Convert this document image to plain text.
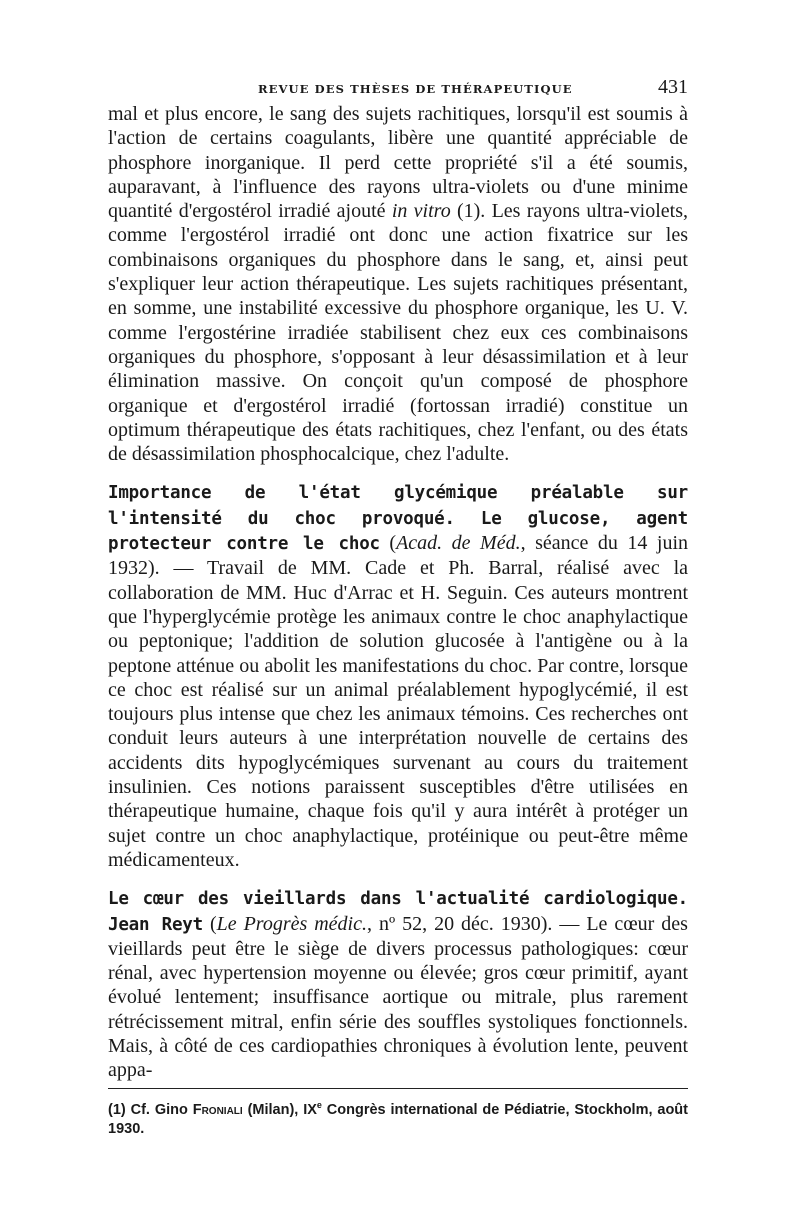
REVUE DES THÈSES DE THÉRAPEUTIQUE	431

mal et plus encore, le sang des sujets rachitiques, lorsqu'il est soumis à l'action de certains coagulants, libère une quantité appréciable de phosphore inorganique. Il perd cette propriété s'il a été soumis, auparavant, à l'influence des rayons ultra-violets ou d'une minime quantité d'ergostérol irradié ajouté in vitro (1). Les rayons ultra-violets, comme l'ergostérol irradié ont donc une action fixatrice sur les combinaisons organiques du phosphore dans le sang, et, ainsi peut s'expliquer leur action thérapeutique. Les sujets rachitiques présentant, en somme, une instabilité excessive du phosphore organique, les U. V. comme l'ergostérine irradiée stabilisent chez eux ces combinaisons organiques du phosphore, s'opposant à leur désassimilation et à leur élimination massive. On conçoit qu'un composé de phosphore organique et d'ergostérol irradié (fortossan irradié) constitue un optimum thérapeutique des états rachitiques, chez l'enfant, ou des états de désassimilation phosphocalcique, chez l'adulte.

Importance de l'état glycémique préalable sur l'intensité du choc provoqué. Le glucose, agent protecteur contre le choc (Acad. de Méd., séance du 14 juin 1932). — Travail de MM. Cade et Ph. Barral, réalisé avec la collaboration de MM. Huc d'Arrac et H. Seguin. Ces auteurs montrent que l'hyperglycémie protège les animaux contre le choc anaphylactique ou peptonique; l'addition de solution glucosée à l'antigène ou à la peptone atténue ou abolit les manifestations du choc. Par contre, lorsque ce choc est réalisé sur un animal préalablement hypoglycémié, il est toujours plus intense que chez les animaux témoins. Ces recherches ont conduit leurs auteurs à une interprétation nouvelle de certains des accidents dits hypoglycémiques survenant au cours du traitement insulinien. Ces notions paraissent susceptibles d'être utilisées en thérapeutique humaine, chaque fois qu'il y aura intérêt à protéger un sujet contre un choc anaphylactique, protéinique ou peut-être même médicamenteux.

Le cœur des vieillards dans l'actualité cardiologique. Jean Reyt (Le Progrès médic., nº 52, 20 déc. 1930). — Le cœur des vieillards peut être le siège de divers processus pathologiques: cœur rénal, avec hypertension moyenne ou élevée; gros cœur primitif, ayant évolué lentement; insuffisance aortique ou mitrale, plus rarement rétrécissement mitral, enfin série des souffles systoliques fonctionnels. Mais, à côté de ces cardiopathies chroniques à évolution lente, peuvent appa-

(1) Cf. Gino Froniali (Milan), IXe Congrès international de Pédiatrie, Stockholm, août 1930.
